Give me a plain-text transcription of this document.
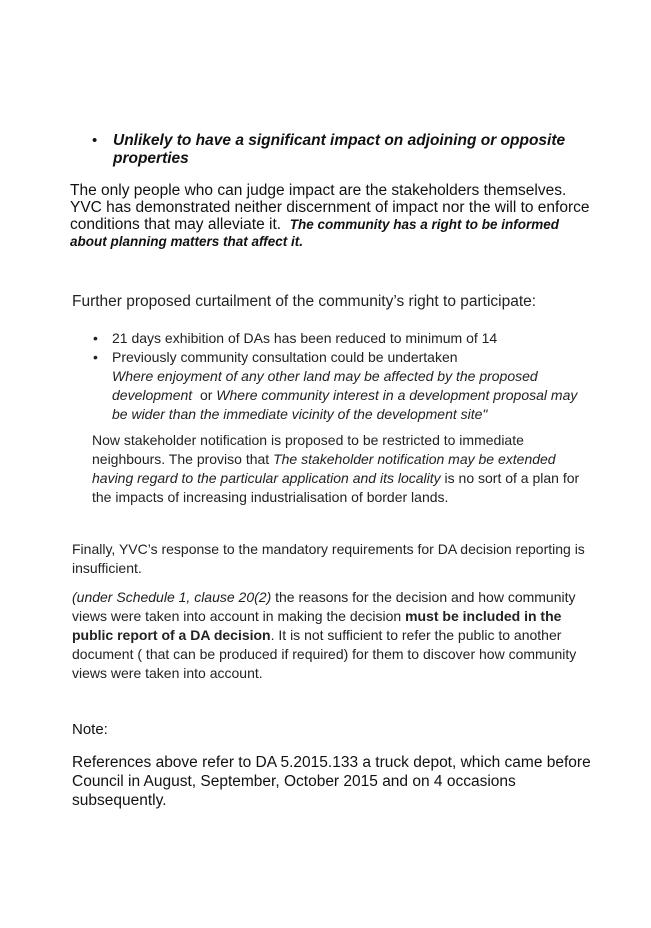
• Unlikely to have a significant impact on adjoining or opposite
properties
The only people who can judge impact are the stakeholders themselves.
YVC has demonstrated neither discernment of impact nor the will to enforce
conditions that may alleviate it. The community has a right to be informed
about planning matters that affect it.
Further proposed curtailment of the community’s right to participate:
•
•
21 days exhibition of DAs has been reduced to minimum of 14
Previously community consultation could be undertaken
Where enjoyment of any other land may be affected by the proposed
development or Where community interest in a development proposal may
be wider than the immediate vicinity of the development site"
Now stakeholder notification is proposed to be restricted to immediate
neighbours. The proviso that The stakeholder notification may be extended
having regard to the particular application and its locality is no sort of a plan for
the impacts of increasing industrialisation of border lands.
Finally, YVC’s response to the mandatory requirements for DA decision reporting is
insufficient.
(under Schedule 1, clause 20(2) the reasons for the decision and how community
views were taken into account in making the decision must be included in the
public report of a DA decision. It is not sufficient to refer the public to another
document ( that can be produced if required) for them to discover how community
views were taken into account.
Note:
References above refer to DA 5.2015.133 a truck depot, which came before
Council in August, September, October 2015 and on 4 occasions
subsequently.
